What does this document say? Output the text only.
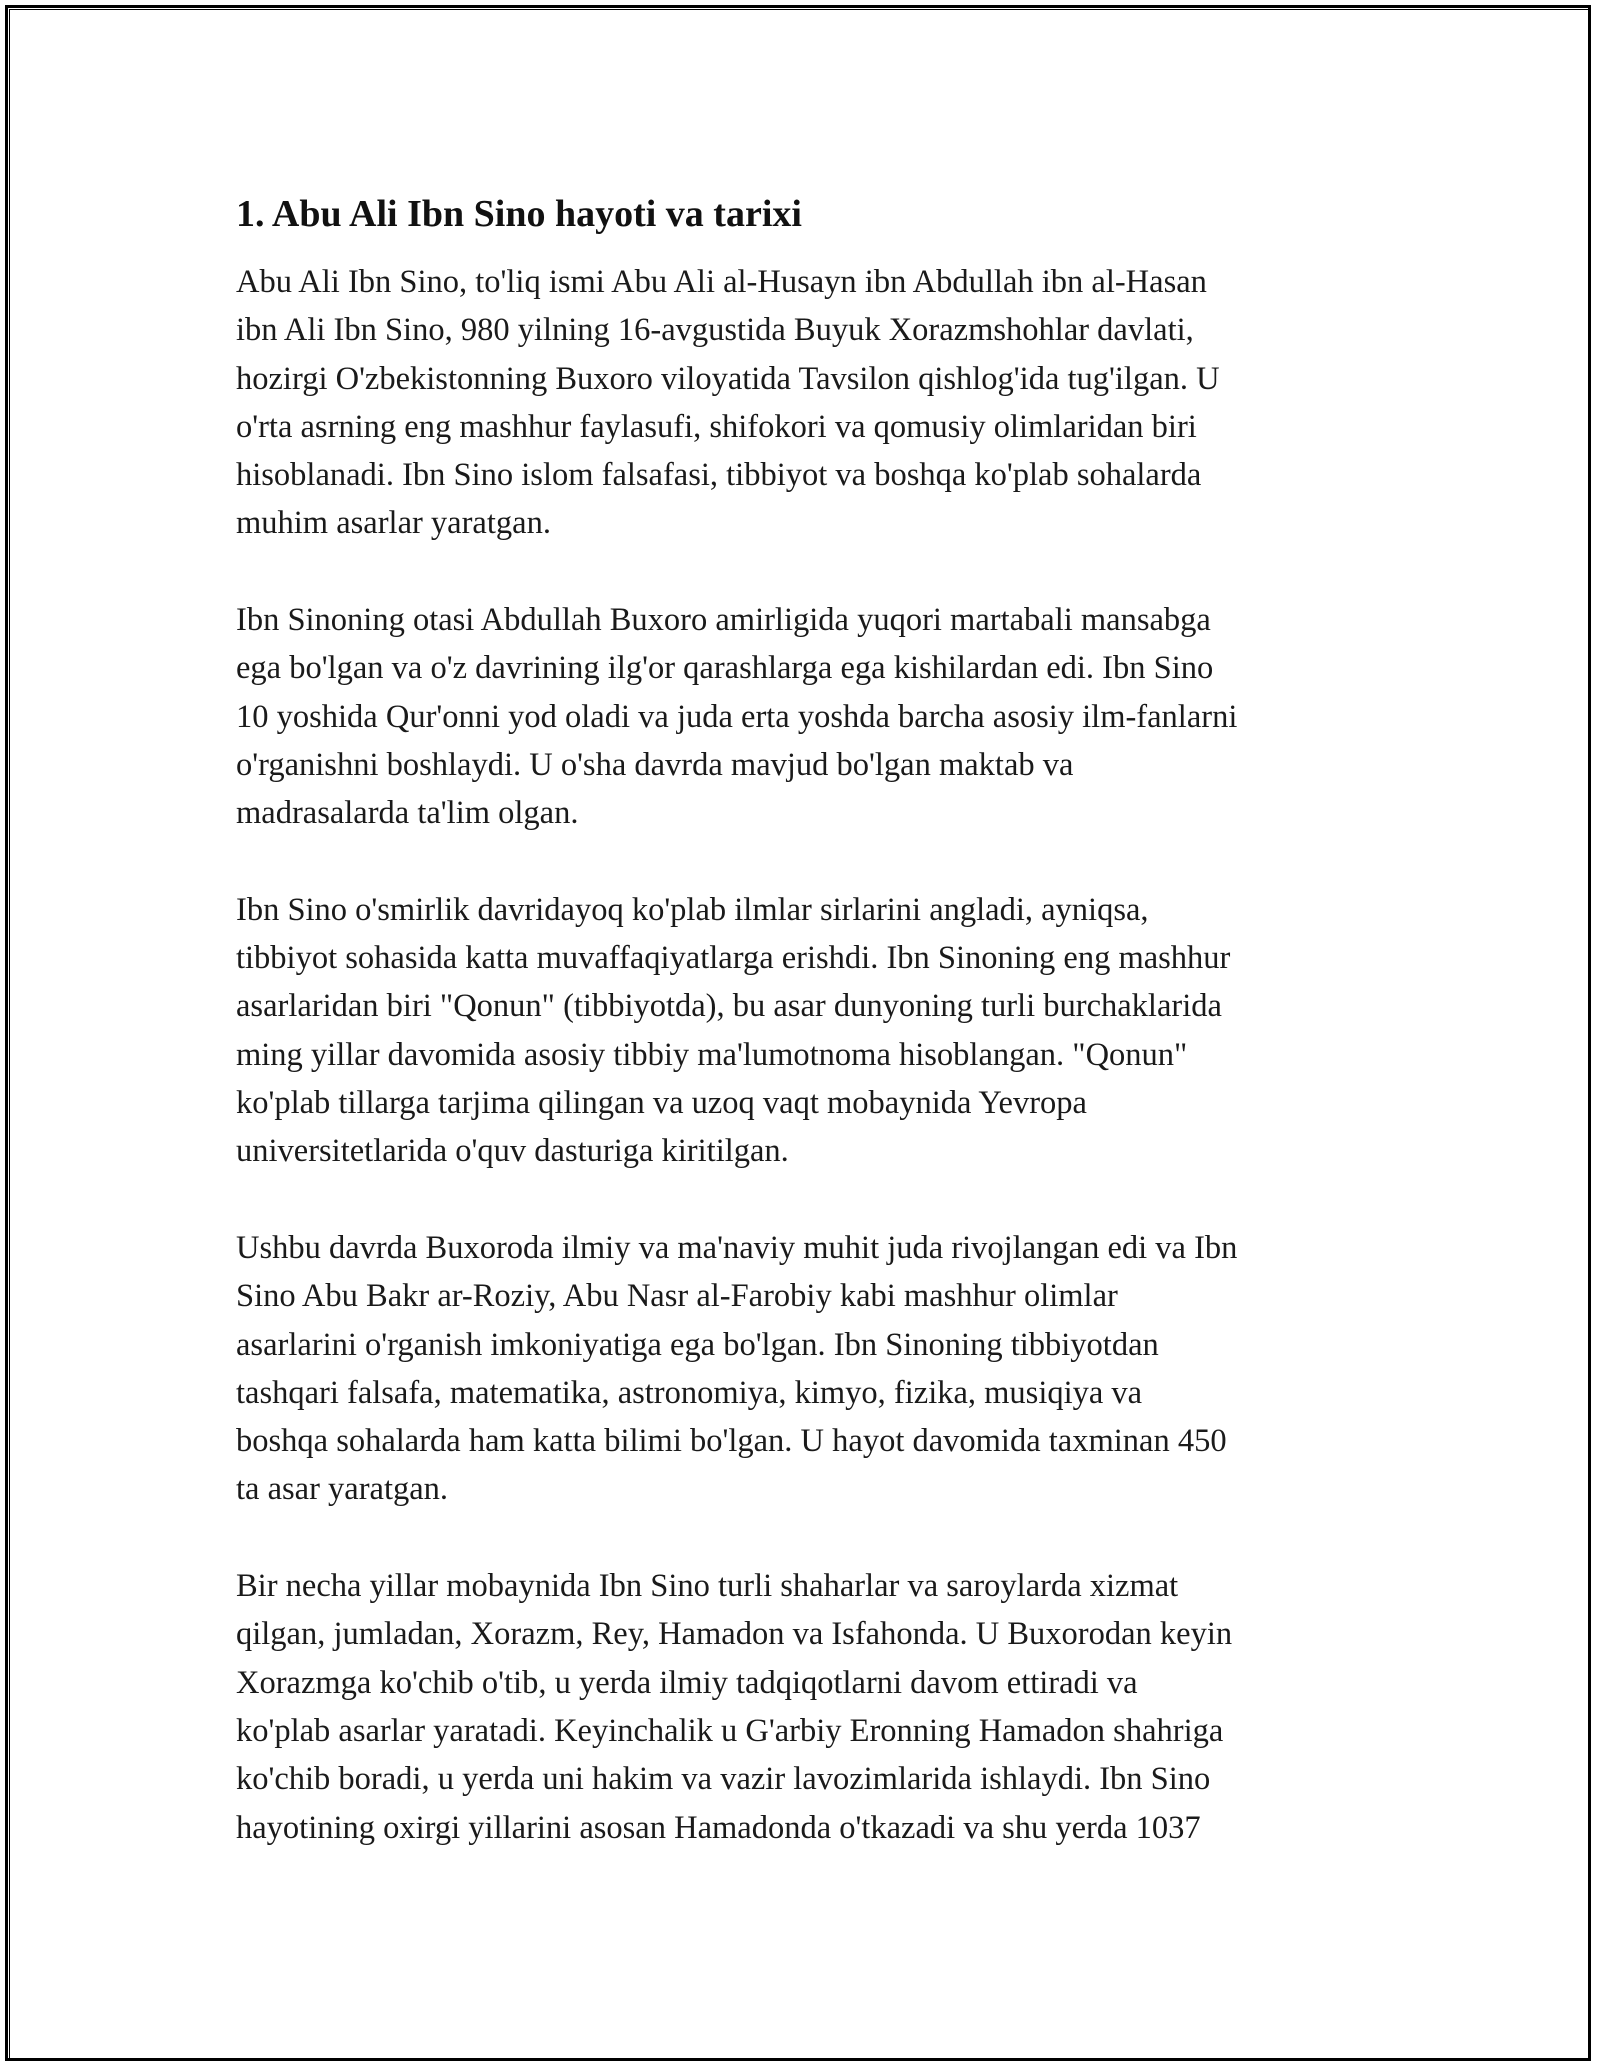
1. Abu Ali Ibn Sino hayoti va tarixi

Abu Ali Ibn Sino, to'liq ismi Abu Ali al-Husayn ibn Abdullah ibn al-Hasan
ibn Ali Ibn Sino, 980 yilning 16-avgustida Buyuk Xorazmshohlar davlati,
hozirgi O'zbekistonning Buxoro viloyatida Tavsilon qishlog'ida tug'ilgan. U
o'rta asrning eng mashhur faylasufi, shifokori va qomusiy olimlaridan biri
hisoblanadi. Ibn Sino islom falsafasi, tibbiyot va boshqa ko'plab sohalarda
muhim asarlar yaratgan.

Ibn Sinoning otasi Abdullah Buxoro amirligida yuqori martabali mansabga
ega bo'lgan va o'z davrining ilg'or qarashlarga ega kishilardan edi. Ibn Sino
10 yoshida Qur'onni yod oladi va juda erta yoshda barcha asosiy ilm-fanlarni
o'rganishni boshlaydi. U o'sha davrda mavjud bo'lgan maktab va
madrasalarda ta'lim olgan.

Ibn Sino o'smirlik davridayoq ko'plab ilmlar sirlarini angladi, ayniqsa,
tibbiyot sohasida katta muvaffaqiyatlarga erishdi. Ibn Sinoning eng mashhur
asarlaridan biri "Qonun" (tibbiyotda), bu asar dunyoning turli burchaklarida
ming yillar davomida asosiy tibbiy ma'lumotnoma hisoblangan. "Qonun"
ko'plab tillarga tarjima qilingan va uzoq vaqt mobaynida Yevropa
universitetlarida o'quv dasturiga kiritilgan.

Ushbu davrda Buxoroda ilmiy va ma'naviy muhit juda rivojlangan edi va Ibn
Sino Abu Bakr ar-Roziy, Abu Nasr al-Farobiy kabi mashhur olimlar
asarlarini o'rganish imkoniyatiga ega bo'lgan. Ibn Sinoning tibbiyotdan
tashqari falsafa, matematika, astronomiya, kimyo, fizika, musiqiya va
boshqa sohalarda ham katta bilimi bo'lgan. U hayot davomida taxminan 450
ta asar yaratgan.

Bir necha yillar mobaynida Ibn Sino turli shaharlar va saroylarda xizmat
qilgan, jumladan, Xorazm, Rey, Hamadon va Isfahonda. U Buxorodan keyin
Xorazmga ko'chib o'tib, u yerda ilmiy tadqiqotlarni davom ettiradi va
ko'plab asarlar yaratadi. Keyinchalik u G'arbiy Eronning Hamadon shahriga
ko'chib boradi, u yerda uni hakim va vazir lavozimlarida ishlaydi. Ibn Sino
hayotining oxirgi yillarini asosan Hamadonda o'tkazadi va shu yerda 1037
